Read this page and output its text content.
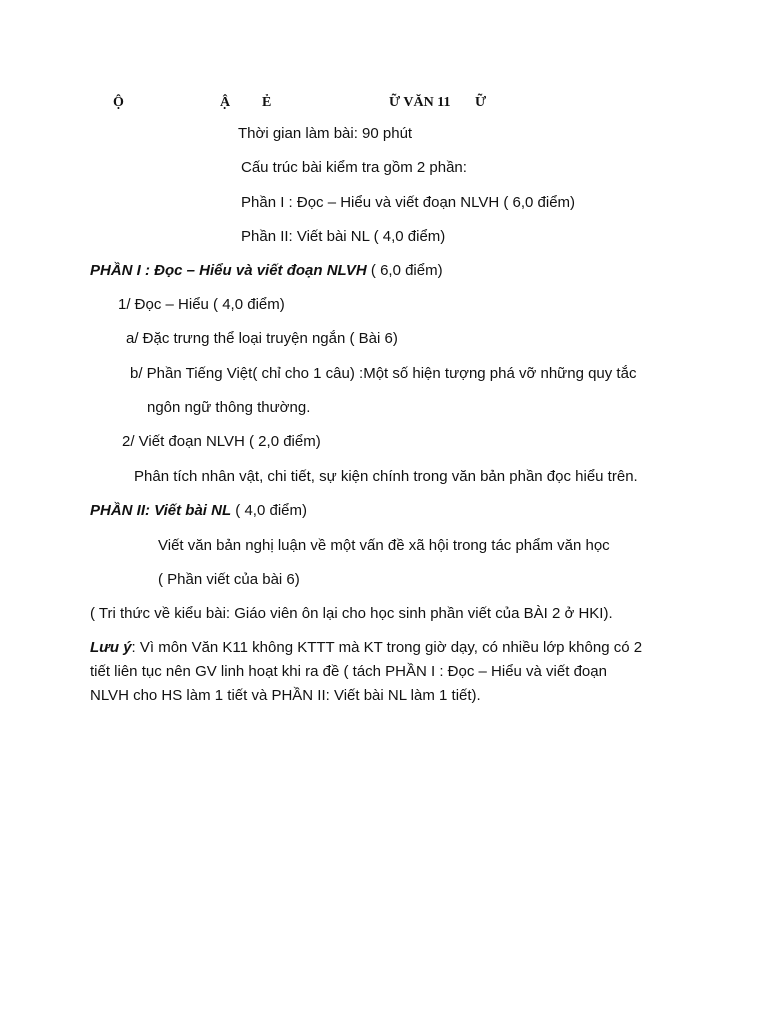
Ộ	Ậ Ẻ	Ữ VĂN 11 Ữ
Thời gian làm bài: 90 phút
Cấu trúc bài kiểm tra gồm 2 phần:
Phần I : Đọc – Hiểu và viết đoạn NLVH ( 6,0 điểm)
Phần II: Viết bài NL ( 4,0 điểm)
PHẦN I : Đọc – Hiểu và viết đoạn NLVH ( 6,0 điểm)
1/ Đọc – Hiểu ( 4,0 điểm)
a/ Đặc trưng thể loại truyện ngắn ( Bài 6)
b/ Phần Tiếng Việt( chỉ cho 1 câu) :Một số hiện tượng phá vỡ những quy tắc
ngôn ngữ thông thường.
2/ Viết đoạn NLVH ( 2,0 điểm)
Phân tích nhân vật, chi tiết, sự kiện chính trong văn bản phần đọc hiểu trên.
PHẦN II: Viết bài NL ( 4,0 điểm)
Viết văn bản nghị luận về một vấn đề xã hội trong tác phẩm văn học
( Phần viết của bài 6)
( Tri thức về kiểu bài: Giáo viên ôn lại cho học sinh phần viết của BÀI 2 ở HKI).
Lưu ý: Vì môn Văn K11 không KTTT mà KT trong giờ dạy, có nhiều lớp không có 2
tiết liên tục nên GV linh hoạt khi ra đề ( tách PHẦN I : Đọc – Hiểu và viết đoạn
NLVH cho HS làm 1 tiết và PHẦN II: Viết bài NL làm 1 tiết).
